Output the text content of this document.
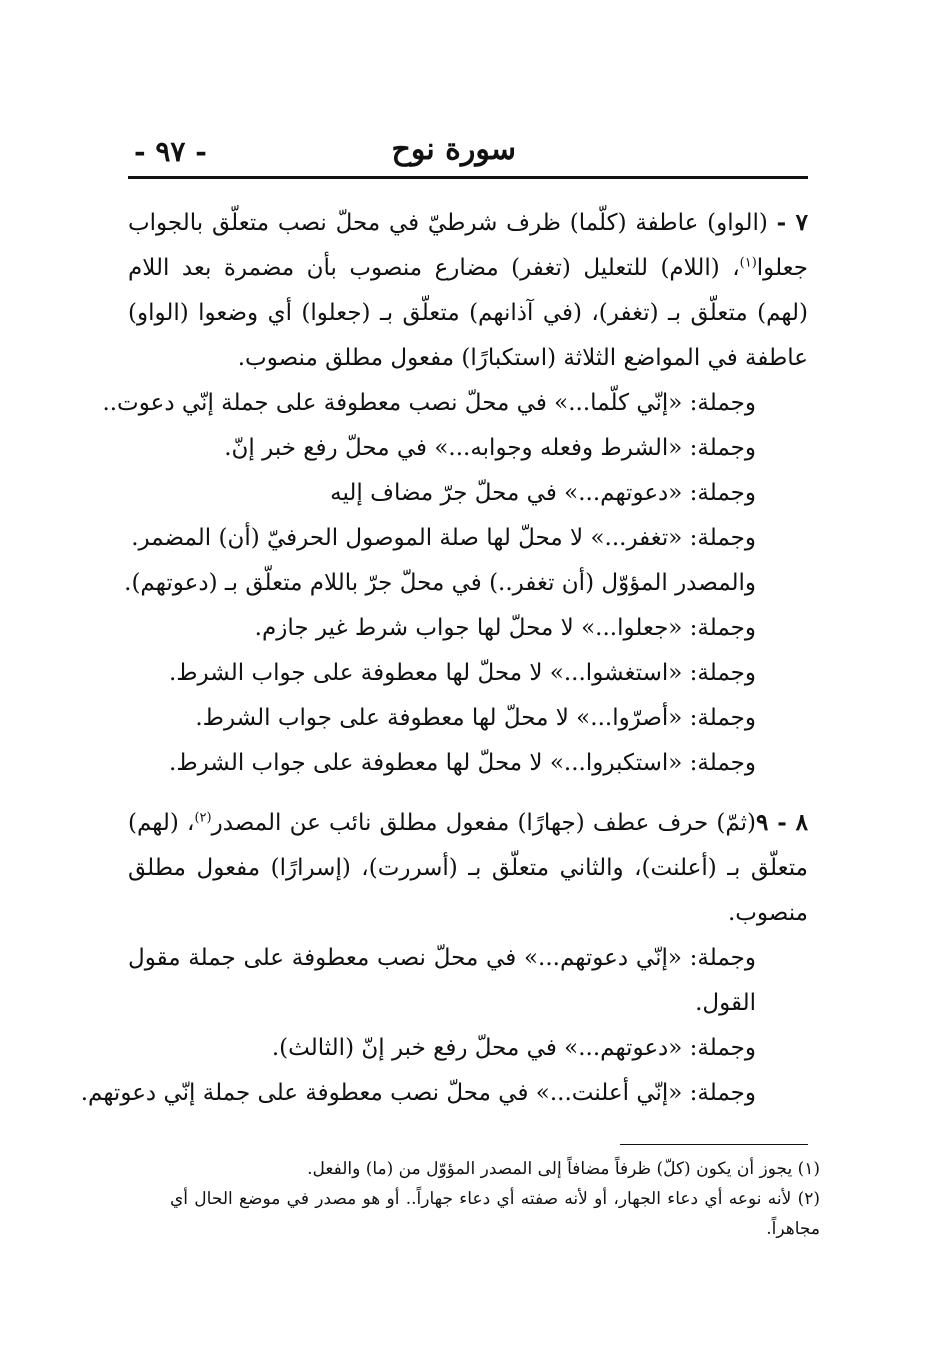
سورة نوح
- ٩٧ -

٧ - (الواو) عاطفة (كلّما) ظرف شرطيّ في محلّ نصب متعلّق بالجواب جعلوا$^{(١)}$، (اللام) للتعليل (تغفر) مضارع منصوب بأن مضمرة بعد اللام (لهم) متعلّق بـ (تغفر)، (في آذانهم) متعلّق بـ (جعلوا) أي وضعوا (الواو) عاطفة في المواضع الثلاثة (استكبارًا) مفعول مطلق منصوب.

وجملة: «إنّي كلّما...» في محلّ نصب معطوفة على جملة إنّي دعوت..

وجملة: «الشرط وفعله وجوابه...» في محلّ رفع خبر إنّ.

وجملة: «دعوتهم...» في محلّ جرّ مضاف إليه

وجملة: «تغفر...» لا محلّ لها صلة الموصول الحرفيّ (أن) المضمر.

والمصدر المؤوّل (أن تغفر..) في محلّ جرّ باللام متعلّق بـ (دعوتهم).

وجملة: «جعلوا...» لا محلّ لها جواب شرط غير جازم.

وجملة: «استغشوا...» لا محلّ لها معطوفة على جواب الشرط.

وجملة: «أصرّوا...» لا محلّ لها معطوفة على جواب الشرط.

وجملة: «استكبروا...» لا محلّ لها معطوفة على جواب الشرط.

٨ - ٩(ثمّ) حرف عطف (جهارًا) مفعول مطلق نائب عن المصدر$^{(٢)}$، (لهم) متعلّق بـ (أعلنت)، والثاني متعلّق بـ (أسررت)، (إسرارًا) مفعول مطلق منصوب.

وجملة: «إنّي دعوتهم...» في محلّ نصب معطوفة على جملة مقول القول.

وجملة: «دعوتهم...» في محلّ رفع خبر إنّ (الثالث).

وجملة: «إنّي أعلنت...» في محلّ نصب معطوفة على جملة إنّي دعوتهم.

(١) يجوز أن يكون (كلّ) ظرفاً مضافاً إلى المصدر المؤوّل من (ما) والفعل.

(٢) لأنه نوعه أي دعاء الجهار، أو لأنه صفته أي دعاء جهاراً.. أو هو مصدر في موضع الحال أي مجاهراً.
